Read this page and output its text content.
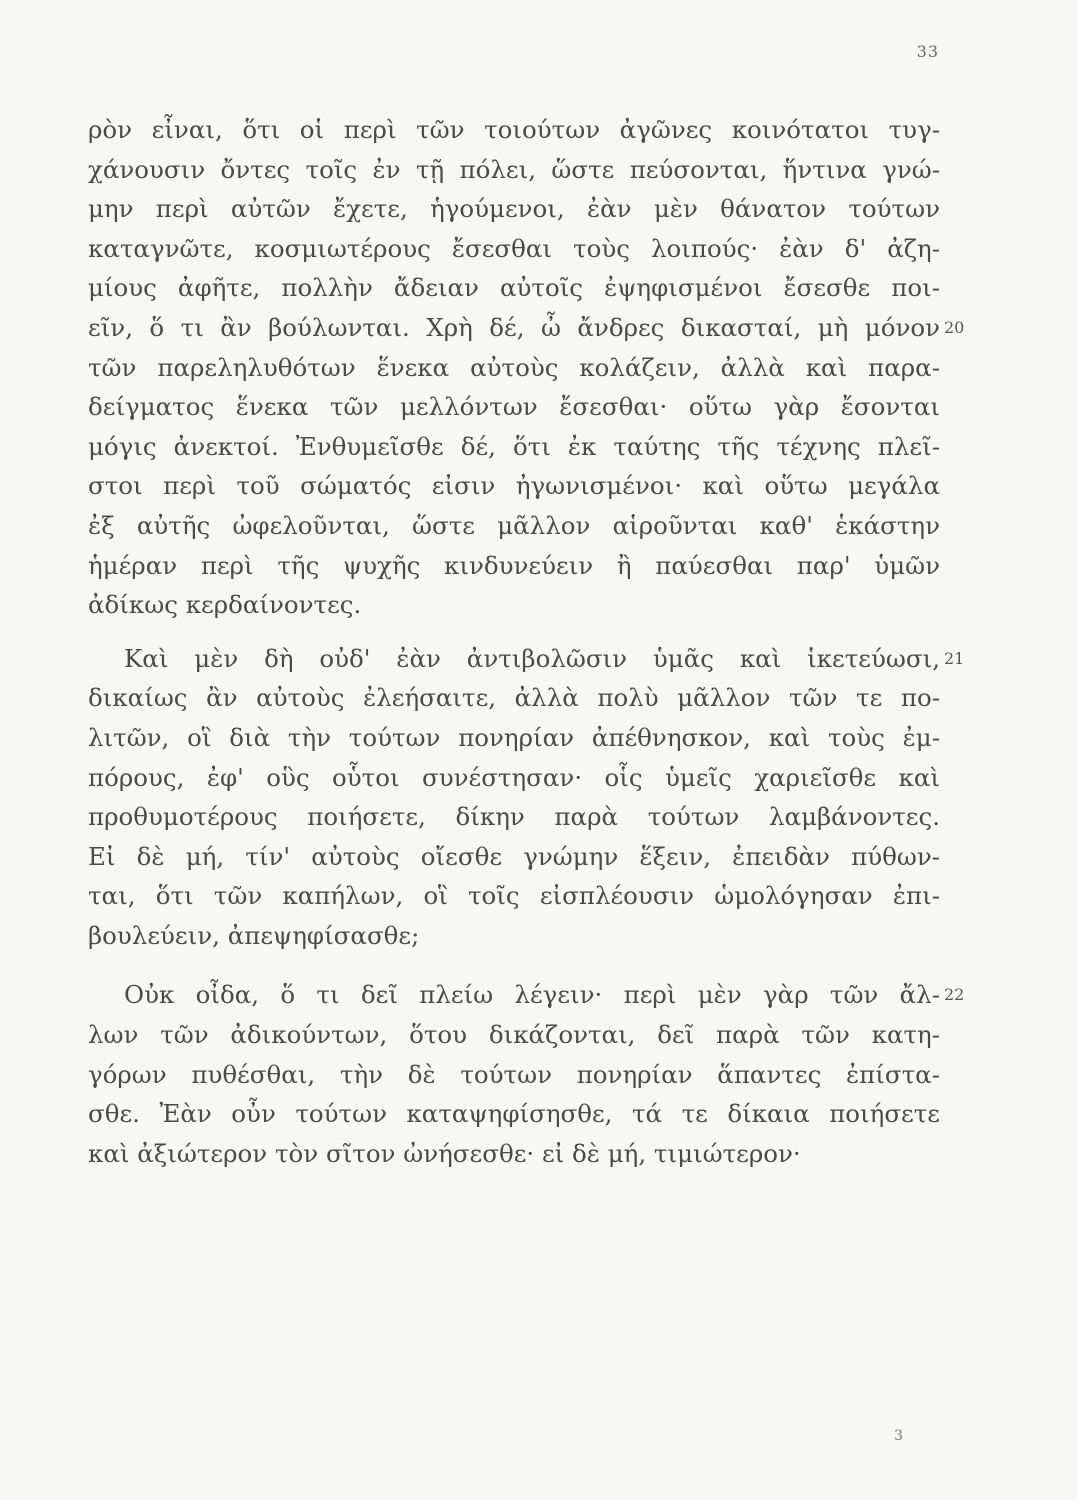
33
ρὸν εἶναι, ὅτι οἱ περὶ τῶν τοιούτων ἀγῶνες κοινότατοι τυγ-
χάνουσιν ὄντες τοῖς ἐν τῇ πόλει, ὥστε πεύσονται, ἥντινα γνώ-
μην περὶ αὐτῶν ἔχετε, ἡγούμενοι, ἐὰν μὲν θάνατον τούτων
καταγνῶτε, κοσμιωτέρους ἔσεσθαι τοὺς λοιπούς· ἐὰν δ' ἀζη-
μίους ἀφῆτε, πολλὴν ἄδειαν αὐτοῖς ἐψηφισμένοι ἔσεσθε ποι-
εῖν, ὅ τι ἂν βούλωνται. Χρὴ δέ, ὦ ἄνδρες δικασταί, μὴ μόνον 20
τῶν παρεληλυθότων ἕνεκα αὐτοὺς κολάζειν, ἀλλὰ καὶ παρα-
δείγματος ἕνεκα τῶν μελλόντων ἔσεσθαι· οὕτω γὰρ ἔσονται
μόγις ἀνεκτοί. Ἐνθυμεῖσθε δέ, ὅτι ἐκ ταύτης τῆς τέχνης πλεῖ-
στοι περὶ τοῦ σώματός εἰσιν ἠγωνισμένοι· καὶ οὕτω μεγάλα
ἐξ αὐτῆς ὠφελοῦνται, ὥστε μᾶλλον αἱροῦνται καθ' ἑκάστην
ἡμέραν περὶ τῆς ψυχῆς κινδυνεύειν ἢ παύεσθαι παρ' ὑμῶν
ἀδίκως κερδαίνοντες.
Καὶ μὲν δὴ οὐδ' ἐὰν ἀντιβολῶσιν ὑμᾶς καὶ ἱκετεύωσι, 21
δικαίως ἂν αὐτοὺς ἐλεήσαιτε, ἀλλὰ πολὺ μᾶλλον τῶν τε πο-
λιτῶν, οἳ διὰ τὴν τούτων πονηρίαν ἀπέθνησκον, καὶ τοὺς ἐμ-
πόρους, ἐφ' οὓς οὗτοι συνέστησαν· οἷς ὑμεῖς χαριεῖσθε καὶ
προθυμοτέρους ποιήσετε, δίκην παρὰ τούτων λαμβάνοντες.
Εἰ δὲ μή, τίν' αὐτοὺς οἴεσθε γνώμην ἕξειν, ἐπειδὰν πύθων-
ται, ὅτι τῶν καπήλων, οἳ τοῖς εἰσπλέουσιν ὡμολόγησαν ἐπι-
βουλεύειν, ἀπεψηφίσασθε;
Οὐκ οἶδα, ὅ τι δεῖ πλείω λέγειν· περὶ μὲν γὰρ τῶν ἄλ- 22
λων τῶν ἀδικούντων, ὅτου δικάζονται, δεῖ παρὰ τῶν κατη-
γόρων πυθέσθαι, τὴν δὲ τούτων πονηρίαν ἅπαντες ἐπίστα-
σθε. Ἐὰν οὖν τούτων καταψηφίσησθε, τά τε δίκαια ποιήσετε
καὶ ἀξιώτερον τὸν σῖτον ὠνήσεσθε· εἰ δὲ μή, τιμιώτερον·
3
